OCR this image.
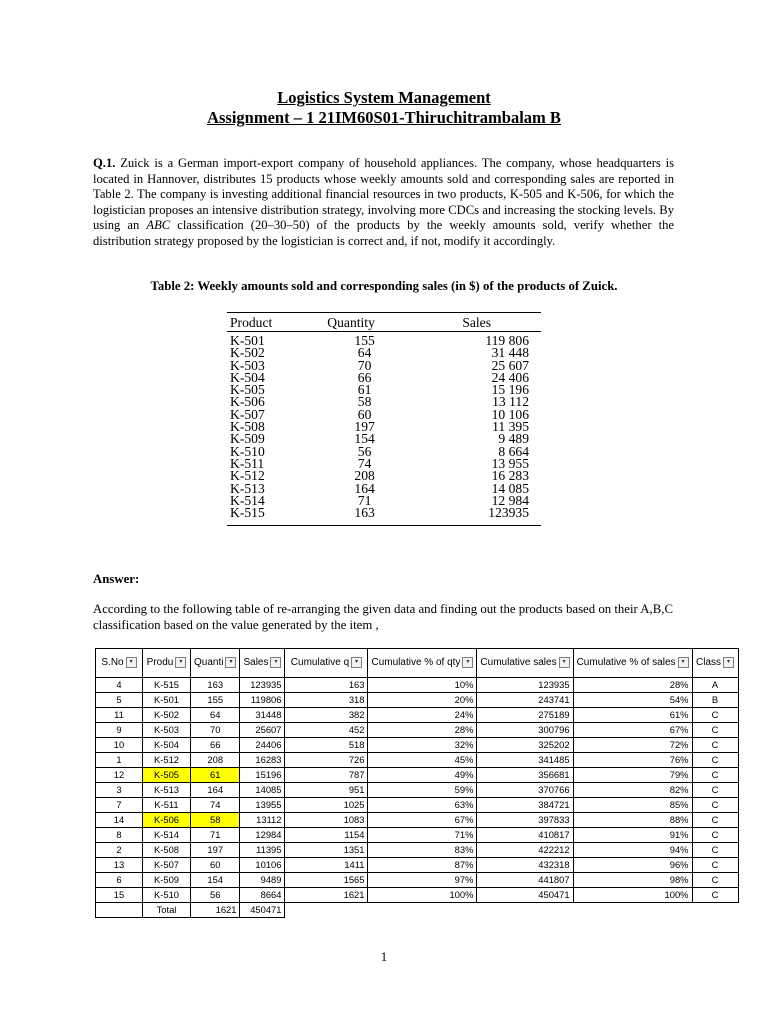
Logistics System Management
Assignment – 1 21IM60S01-Thiruchitrambalam B
Q.1. Zuick is a German import-export company of household appliances. The company, whose headquarters is located in Hannover, distributes 15 products whose weekly amounts sold and corresponding sales are reported in Table 2. The company is investing additional financial resources in two products, K-505 and K-506, for which the logistician proposes an intensive distribution strategy, involving more CDCs and increasing the stocking levels. By using an ABC classification (20–30–50) of the products by the weekly amounts sold, verify whether the distribution strategy proposed by the logistician is correct and, if not, modify it accordingly.
Table 2: Weekly amounts sold and corresponding sales (in $) of the products of Zuick.
Product	Quantity	Sales
K-501	155	119 806
K-502	64	31 448
K-503	70	25 607
K-504	66	24 406
K-505	61	15 196
K-506	58	13 112
K-507	60	10 106
K-508	197	11 395
K-509	154	9 489
K-510	56	8 664
K-511	74	13 955
K-512	208	16 283
K-513	164	14 085
K-514	71	12 984
K-515	163	123935
Answer:
According to the following table of re-arranging the given data and finding out the products based on their A,B,C classification based on the value generated by the item ,
S.No ▾	Produ ▾	Quanti ▾	Sales ▾	Cumulative q ▾	Cumulative % of qty ▾	Cumulative sales ▾	Cumulative % of sales ▾	Class ▾
4	K-515	163	123935	163	10%	123935	28%	A
5	K-501	155	119806	318	20%	243741	54%	B
11	K-502	64	31448	382	24%	275189	61%	C
9	K-503	70	25607	452	28%	300796	67%	C
10	K-504	66	24406	518	32%	325202	72%	C
1	K-512	208	16283	726	45%	341485	76%	C
12	K-505	61	15196	787	49%	356681	79%	C
3	K-513	164	14085	951	59%	370766	82%	C
7	K-511	74	13955	1025	63%	384721	85%	C
14	K-506	58	13112	1083	67%	397833	88%	C
8	K-514	71	12984	1154	71%	410817	91%	C
2	K-508	197	11395	1351	83%	422212	94%	C
13	K-507	60	10106	1411	87%	432318	96%	C
6	K-509	154	9489	1565	97%	441807	98%	C
15	K-510	56	8664	1621	100%	450471	100%	C
	Total	1621	450471					
1
